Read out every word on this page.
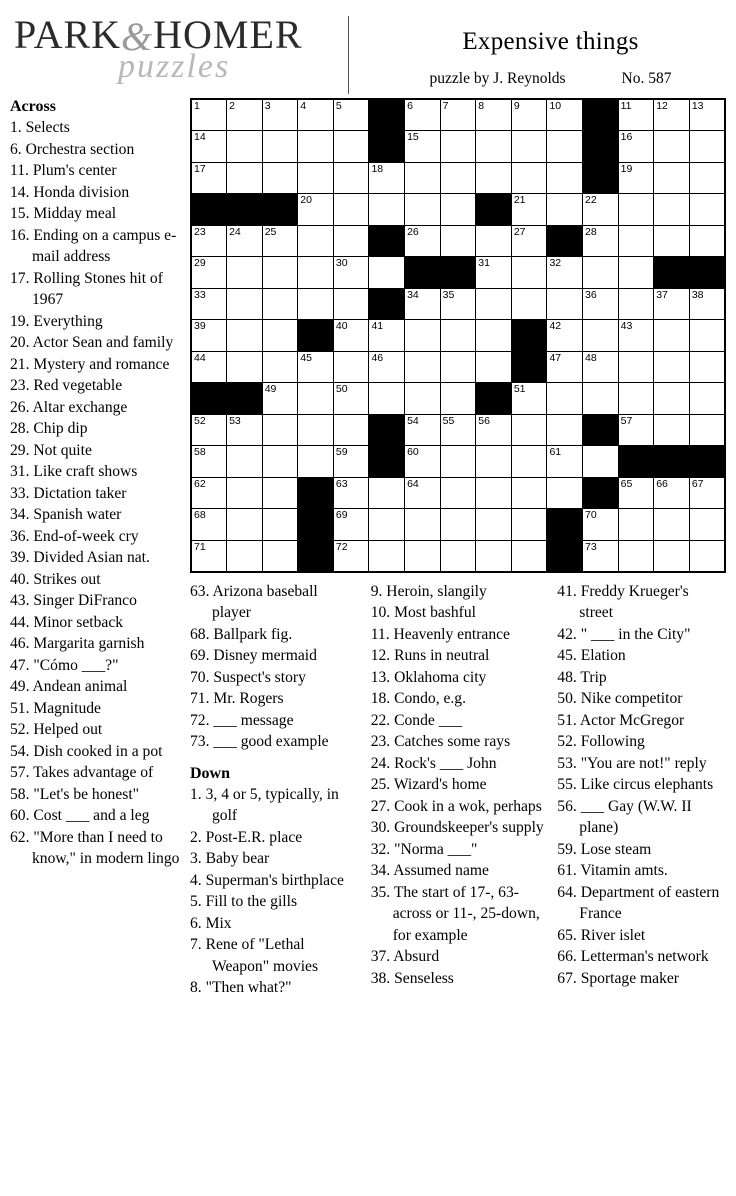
PARK&HOMER
puzzles
Expensive things
puzzle by J. Reynolds	No. 587
Across
1. Selects
6. Orchestra section
11. Plum's center
14. Honda division
15. Midday meal
16. Ending on a campus e-mail address
17. Rolling Stones hit of 1967
19. Everything
20. Actor Sean and family
21. Mystery and romance
23. Red vegetable
26. Altar exchange
28. Chip dip
29. Not quite
31. Like craft shows
33. Dictation taker
34. Spanish water
36. End-of-week cry
39. Divided Asian nat.
40. Strikes out
43. Singer DiFranco
44. Minor setback
46. Margarita garnish
47. "Cómo ___?"
49. Andean animal
51. Magnitude
52. Helped out
54. Dish cooked in a pot
57. Takes advantage of
58. "Let's be honest"
60. Cost ___ and a leg
62. "More than I need to know," in modern lingo
1	2	3	4	5		6	7	8	9	10		11	12	13

14						15						16		

17					18							19		

			20						21		22			

23	24	25				26			27		28			

29				30				31		32				

33						34	35				36		37	38

39				40	41					42		43		

44			45		46					47	48			

		49		50					51					

52	53					54	55	56				57		

58				59		60				61				

62				63		64						65	66	67

68				69							70			

71				72							73			

63. Arizona baseball player
68. Ballpark fig.
69. Disney mermaid
70. Suspect's story
71. Mr. Rogers
72. ___ message
73. ___ good example
Down
1. 3, 4 or 5, typically, in golf
2. Post-E.R. place
3. Baby bear
4. Superman's birthplace
5. Fill to the gills
6. Mix
7. Rene of "Lethal Weapon" movies
8. "Then what?"
9. Heroin, slangily
10. Most bashful
11. Heavenly entrance
12. Runs in neutral
13. Oklahoma city
18. Condo, e.g.
22. Conde ___
23. Catches some rays
24. Rock's ___ John
25. Wizard's home
27. Cook in a wok, perhaps
30. Groundskeeper's supply
32. "Norma ___"
34. Assumed name
35. The start of 17-, 63-across or 11-, 25-down, for example
37. Absurd
38. Senseless
41. Freddy Krueger's street
42. " ___ in the City"
45. Elation
48. Trip
50. Nike competitor
51. Actor McGregor
52. Following
53. "You are not!" reply
55. Like circus elephants
56. ___ Gay (W.W. II plane)
59. Lose steam
61. Vitamin amts.
64. Department of eastern France
65. River islet
66. Letterman's network
67. Sportage maker
